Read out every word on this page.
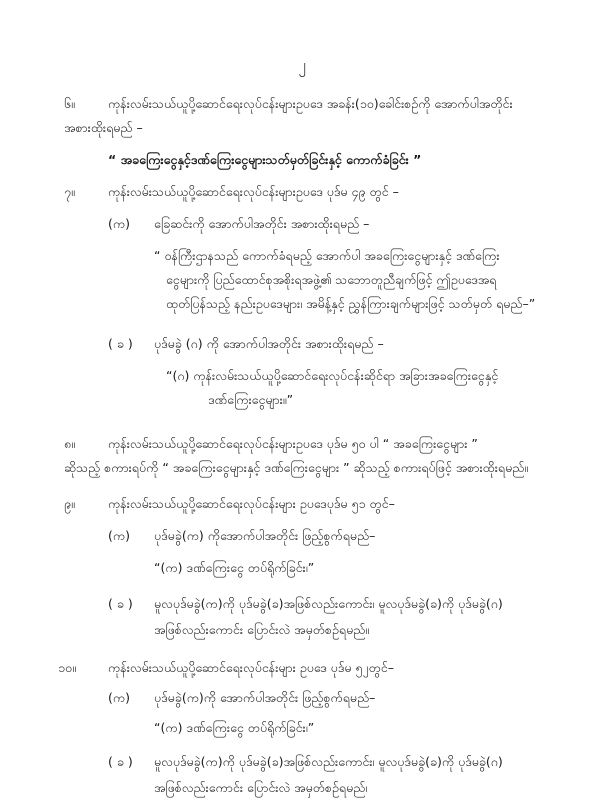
၂
၆။	ကုန်းလမ်းသယ်ယူပို့ဆောင်ရေးလုပ်ငန်းများဥပဒေ အခန်း(၁၀)ခေါင်းစဉ်ကို အောက်ပါအတိုင်း
အစားထိုးရမည် –
“ အခကြေးငွေနှင့်ဒဏ်ကြေးငွေများသတ်မှတ်ခြင်းနှင့် ကောက်ခံခြင်း ”
၇။	ကုန်းလမ်းသယ်ယူပို့ဆောင်ရေးလုပ်ငန်းများဥပဒေ ပုဒ်မ ၄၉ တွင် –
(က) ခြေဆင်းကို အောက်ပါအတိုင်း အစားထိုးရမည် –
“ ဝန်ကြီးဌာနသည် ကောက်ခံရမည့် အောက်ပါ အခကြေးငွေများနှင့် ဒဏ်ကြေး
ငွေများကို ပြည်ထောင်စုအစိုးရအဖွဲ့၏ သဘောတူညီချက်ဖြင့် ဤဥပဒေအရ
ထုတ်ပြန်သည့် နည်းဥပဒေများ၊ အမိန့်နှင့် ညွှန်ကြားချက်များဖြင့် သတ်မှတ် ရမည်–”
( ခ ) ပုဒ်မခွဲ (ဂ) ကို အောက်ပါအတိုင်း အစားထိုးရမည် –
“(ဂ) ကုန်းလမ်းသယ်ယူပို့ဆောင်ရေးလုပ်ငန်းဆိုင်ရာ အခြားအခကြေးငွေနှင့်
ဒဏ်ကြေးငွေများ။”
၈။	ကုန်းလမ်းသယ်ယူပို့ဆောင်ရေးလုပ်ငန်းများဥပဒေ ပုဒ်မ ၅၀ ပါ “ အခကြေးငွေများ ”
ဆိုသည့် စကားရပ်ကို “ အခကြေးငွေများနှင့် ဒဏ်ကြေးငွေများ ” ဆိုသည့် စကားရပ်ဖြင့် အစားထိုးရမည်။
၉။	ကုန်းလမ်းသယ်ယူပို့ဆောင်ရေးလုပ်ငန်းများ ဥပဒေပုဒ်မ ၅၁ တွင်–
(က) ပုဒ်မခွဲ(က) ကိုအောက်ပါအတိုင်း ဖြည့်စွက်ရမည်–
“(က) ဒဏ်ကြေးငွေ တပ်ရိုက်ခြင်း၊”
( ခ ) မူလပုဒ်မခွဲ(က)ကို ပုဒ်မခွဲ(ခ)အဖြစ်လည်းကောင်း၊ မူလပုဒ်မခွဲ(ခ)ကို ပုဒ်မခွဲ(ဂ)
အဖြစ်လည်းကောင်း ပြောင်းလဲ အမှတ်စဉ်ရမည်။
၁၀။	ကုန်းလမ်းသယ်ယူပို့ဆောင်ရေးလုပ်ငန်းများ ဥပဒေ ပုဒ်မ ၅၂တွင်–
(က) ပုဒ်မခွဲ(က)ကို အောက်ပါအတိုင်း ဖြည့်စွက်ရမည်–
“(က) ဒဏ်ကြေးငွေ တပ်ရိုက်ခြင်း၊”
( ခ ) မူလပုဒ်မခွဲ(က)ကို ပုဒ်မခွဲ(ခ)အဖြစ်လည်းကောင်း၊ မူလပုဒ်မခွဲ(ခ)ကို ပုဒ်မခွဲ(ဂ)
အဖြစ်လည်းကောင်း ပြောင်းလဲ အမှတ်စဉ်ရမည်၊
